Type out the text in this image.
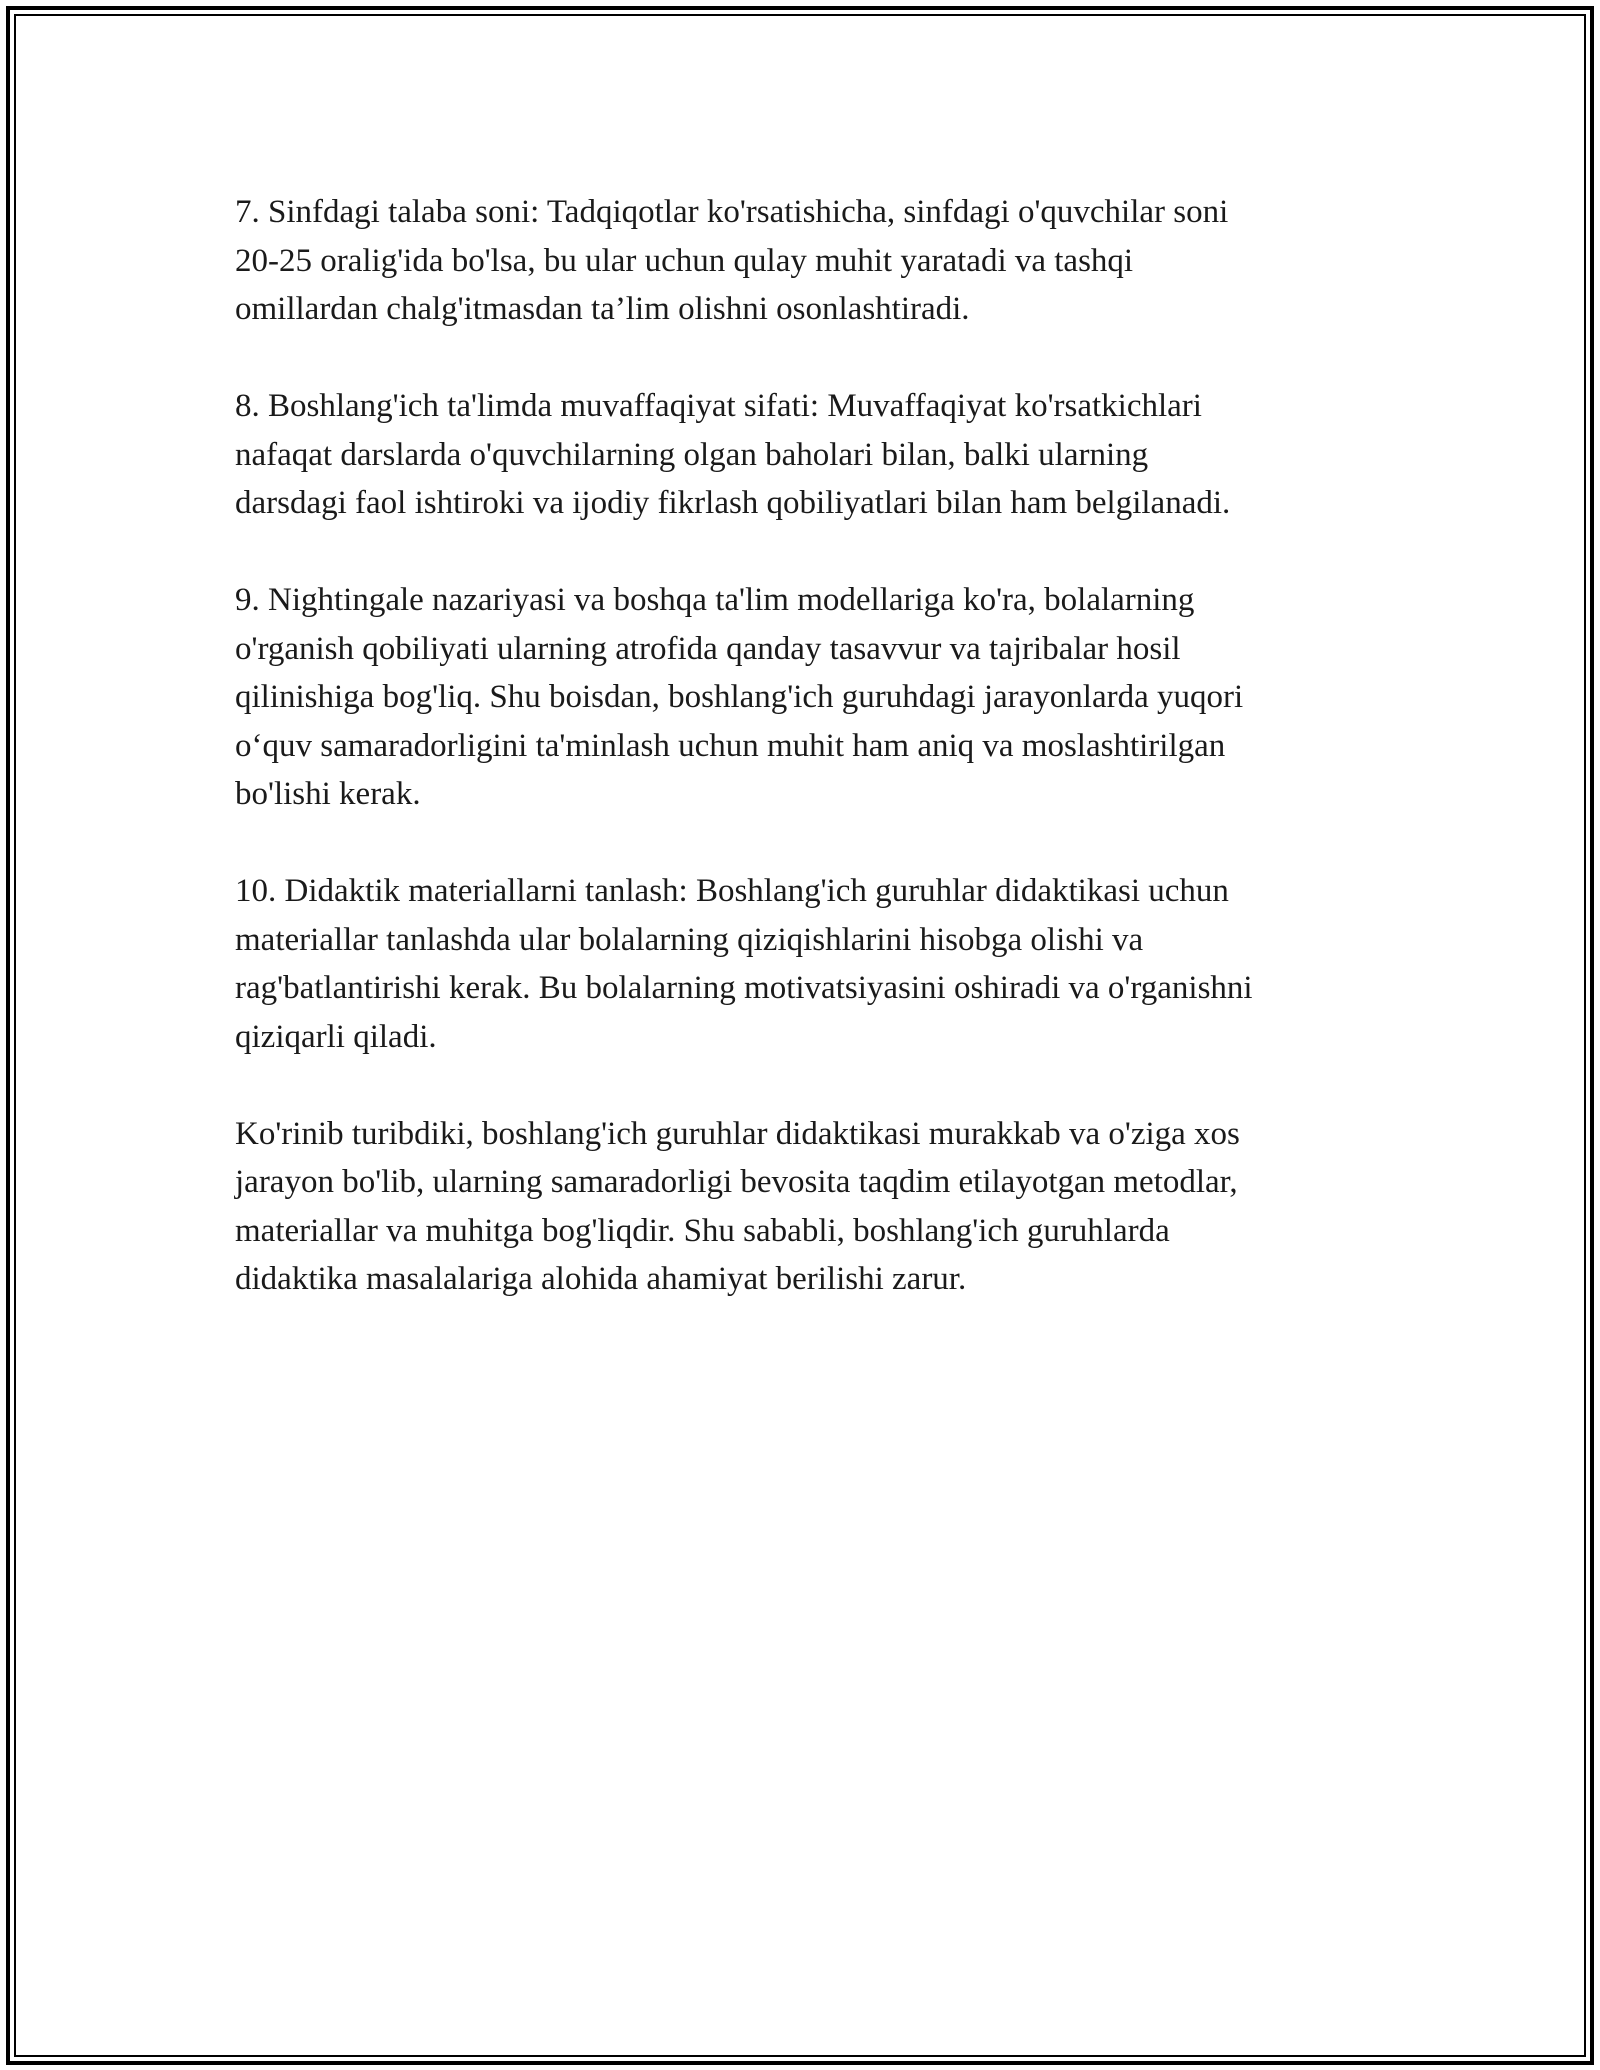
7. Sinfdagi talaba soni: Tadqiqotlar ko'rsatishicha, sinfdagi o'quvchilar soni
20-25 oralig'ida bo'lsa, bu ular uchun qulay muhit yaratadi va tashqi
omillardan chalg'itmasdan ta’lim olishni osonlashtiradi.

8. Boshlang'ich ta'limda muvaffaqiyat sifati: Muvaffaqiyat ko'rsatkichlari
nafaqat darslarda o'quvchilarning olgan baholari bilan, balki ularning
darsdagi faol ishtiroki va ijodiy fikrlash qobiliyatlari bilan ham belgilanadi.

9. Nightingale nazariyasi va boshqa ta'lim modellariga ko'ra, bolalarning
o'rganish qobiliyati ularning atrofida qanday tasavvur va tajribalar hosil
qilinishiga bog'liq. Shu boisdan, boshlang'ich guruhdagi jarayonlarda yuqori
o‘quv samaradorligini ta'minlash uchun muhit ham aniq va moslashtirilgan
bo'lishi kerak.

10. Didaktik materiallarni tanlash: Boshlang'ich guruhlar didaktikasi uchun
materiallar tanlashda ular bolalarning qiziqishlarini hisobga olishi va
rag'batlantirishi kerak. Bu bolalarning motivatsiyasini oshiradi va o'rganishni
qiziqarli qiladi.

Ko'rinib turibdiki, boshlang'ich guruhlar didaktikasi murakkab va o'ziga xos
jarayon bo'lib, ularning samaradorligi bevosita taqdim etilayotgan metodlar,
materiallar va muhitga bog'liqdir. Shu sababli, boshlang'ich guruhlarda
didaktika masalalariga alohida ahamiyat berilishi zarur.
